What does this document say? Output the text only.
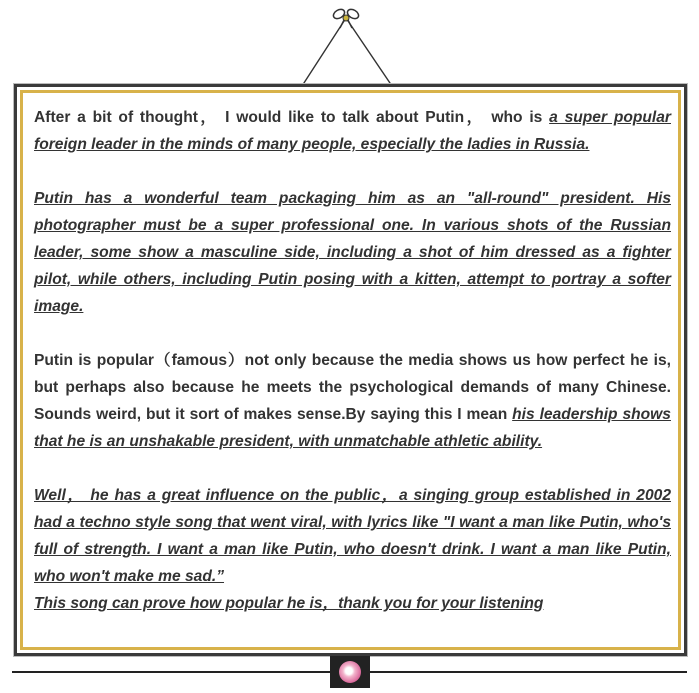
After a bit of thought， I would like to talk about Putin， who is a super popular foreign leader in the minds of many people, especially the ladies in Russia.

Putin has a wonderful team packaging him as an "all-round" president. His photographer must be a super professional one. In various shots of the Russian leader, some show a masculine side, including a shot of him dressed as a fighter pilot, while others, including Putin posing with a kitten, attempt to portray a softer image.

Putin is popular（famous）not only because the media shows us how perfect he is, but perhaps also because he meets the psychological demands of many Chinese. Sounds weird, but it sort of makes sense.By saying this I mean his leadership shows that he is an unshakable president, with unmatchable athletic ability.

Well， he has a great influence on the public，a singing group established in 2002 had a techno style song that went viral, with lyrics like "I want a man like Putin, who's full of strength. I want a man like Putin, who doesn't drink. I want a man like Putin, who won't make me sad.”
This song can prove how popular he is，thank you for your listening
